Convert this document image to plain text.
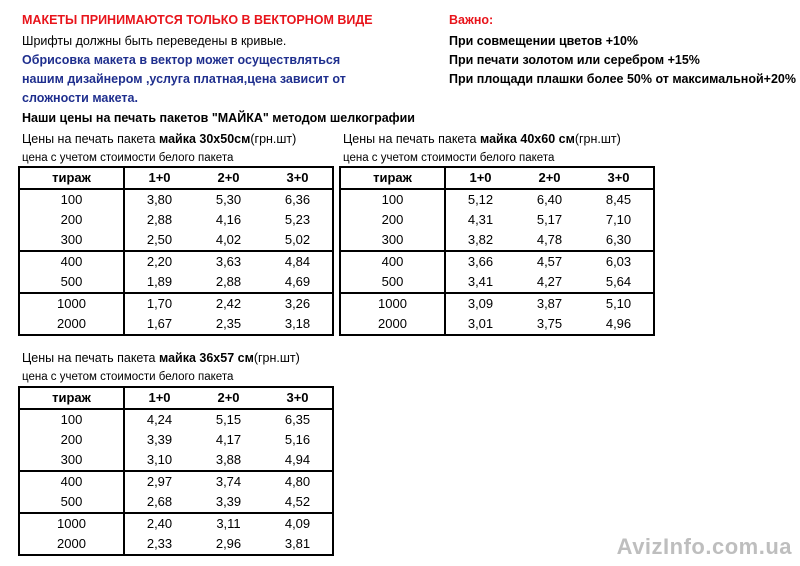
МАКЕТЫ ПРИНИМАЮТСЯ ТОЛЬКО В ВЕКТОРНОМ ВИДЕ
Шрифты должны быть переведены в кривые.
Обрисовка макета в вектор может осуществляться
нашим дизайнером ,услуга платная,цена зависит от
сложности макета.
Наши цены на печать пакетов "МАЙКА" методом шелкографии
Важно:
При совмещении цветов +10%
При печати золотом или серебром +15%
При площади плашки более 50% от максимальной+20%
Цены на печать пакета майка 30х50см(грн.шт)
цена с учетом стоимости белого пакета
Цены на печать пакета майка 40х60 см(грн.шт)
цена с учетом стоимости белого пакета
Цены на печать пакета майка 36х57 см(грн.шт)
цена с учетом стоимости белого пакета
тираж	1+0	2+0	3+0
100	3,80	5,30	6,36
200	2,88	4,16	5,23
300	2,50	4,02	5,02
400	2,20	3,63	4,84
500	1,89	2,88	4,69
1000	1,70	2,42	3,26
2000	1,67	2,35	3,18
тираж	1+0	2+0	3+0
100	5,12	6,40	8,45
200	4,31	5,17	7,10
300	3,82	4,78	6,30
400	3,66	4,57	6,03
500	3,41	4,27	5,64
1000	3,09	3,87	5,10
2000	3,01	3,75	4,96
тираж	1+0	2+0	3+0
100	4,24	5,15	6,35
200	3,39	4,17	5,16
300	3,10	3,88	4,94
400	2,97	3,74	4,80
500	2,68	3,39	4,52
1000	2,40	3,11	4,09
2000	2,33	2,96	3,81	AvizInfo.com.ua
